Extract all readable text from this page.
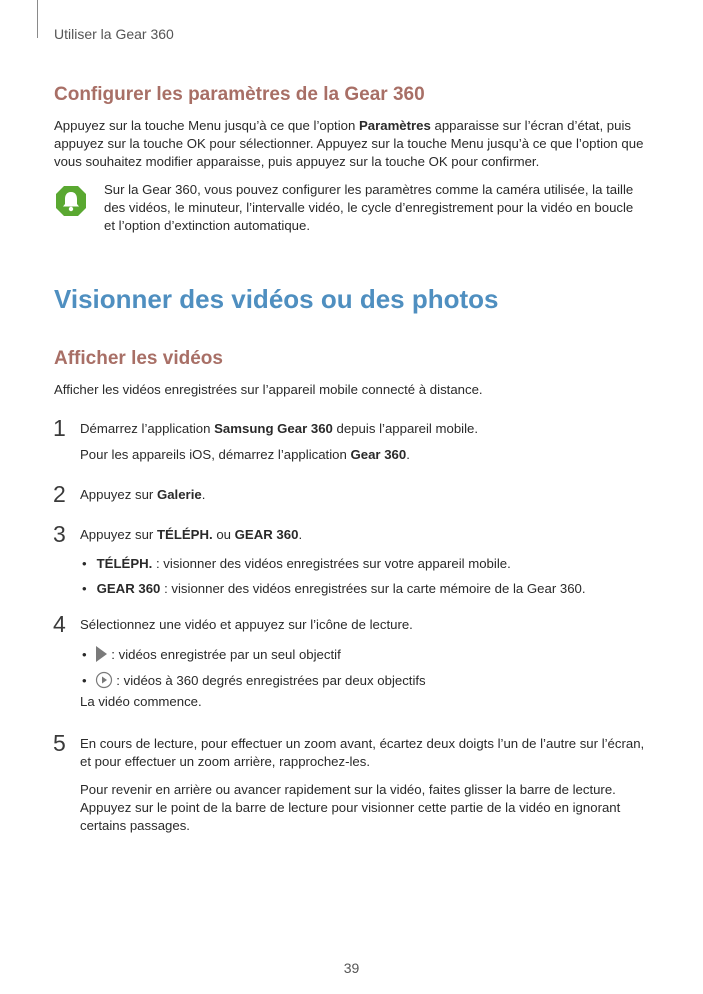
Utiliser la Gear 360
Configurer les paramètres de la Gear 360
Appuyez sur la touche Menu jusqu’à ce que l’option Paramètres apparaisse sur l’écran d’état, puis
appuyez sur la touche OK pour sélectionner. Appuyez sur la touche Menu jusqu’à ce que l’option que
vous souhaitez modifier apparaisse, puis appuyez sur la touche OK pour confirmer.
Sur la Gear 360, vous pouvez configurer les paramètres comme la caméra utilisée, la taille
des vidéos, le minuteur, l’intervalle vidéo, le cycle d’enregistrement pour la vidéo en boucle
et l’option d’extinction automatique.
Visionner des vidéos ou des photos
Afficher les vidéos
Afficher les vidéos enregistrées sur l’appareil mobile connecté à distance.
1 Démarrez l’application Samsung Gear 360 depuis l’appareil mobile.
Pour les appareils iOS, démarrez l’application Gear 360.
2 Appuyez sur Galerie.
3 Appuyez sur TÉLÉPH. ou GEAR 360.
• TÉLÉPH. : visionner des vidéos enregistrées sur votre appareil mobile.
• GEAR 360 : visionner des vidéos enregistrées sur la carte mémoire de la Gear 360.
4 Sélectionnez une vidéo et appuyez sur l’icône de lecture.
• : vidéos enregistrée par un seul objectif
• : vidéos à 360 degrés enregistrées par deux objectifs
La vidéo commence.
5 En cours de lecture, pour effectuer un zoom avant, écartez deux doigts l’un de l’autre sur l’écran,
et pour effectuer un zoom arrière, rapprochez-les.
Pour revenir en arrière ou avancer rapidement sur la vidéo, faites glisser la barre de lecture.
Appuyez sur le point de la barre de lecture pour visionner cette partie de la vidéo en ignorant
certains passages.
39
